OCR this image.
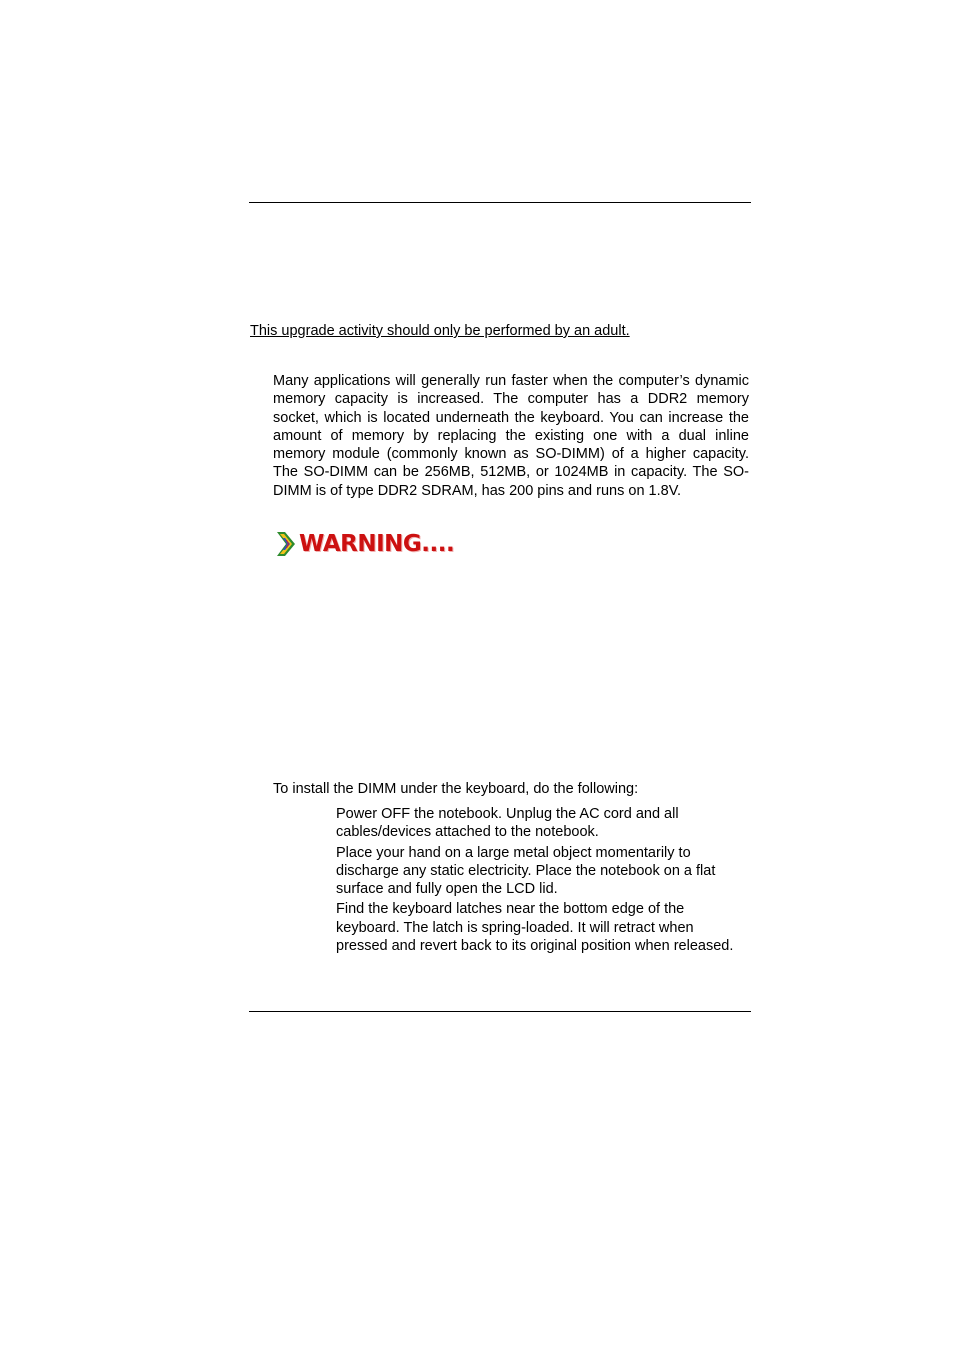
This upgrade activity should only be performed by an adult.

Many applications will generally run faster when the computer’s dynamic memory capacity is increased. The computer has a DDR2 memory socket, which is located underneath the keyboard. You can increase the amount of memory by replacing the existing one with a dual inline memory module (commonly known as SO-DIMM) of a higher capacity. The SO-DIMM can be 256MB, 512MB, or 1024MB in capacity. The SO-DIMM is of type DDR2 SDRAM, has 200 pins and runs on 1.8V.

WARNING....
To install the DIMM under the keyboard, do the following:
Power OFF the notebook. Unplug the AC cord and all cables/devices attached to the notebook.
Place your hand on a large metal object momentarily to discharge any static electricity. Place the notebook on a flat surface and fully open the LCD lid.
Find the keyboard latches near the bottom edge of the keyboard. The latch is spring-loaded. It will retract when pressed and revert back to its original position when released.
